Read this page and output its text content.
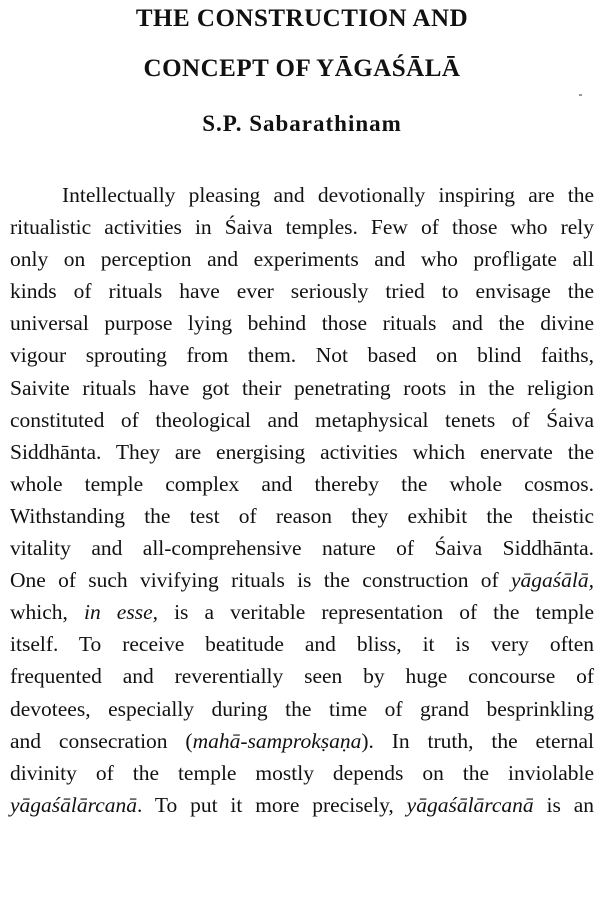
THE CONSTRUCTION AND
CONCEPT OF YĀGAŚĀLĀ
S.P. Sabarathinam
Intellectually pleasing and devotionally inspiring are the
ritualistic activities in Śaiva temples. Few of those who rely
only on perception and experiments and who profligate all
kinds of rituals have ever seriously tried to envisage the
universal purpose lying behind those rituals and the divine
vigour sprouting from them. Not based on blind faiths,
Saivite rituals have got their penetrating roots in the religion
constituted of theological and metaphysical tenets of Śaiva
Siddhānta. They are energising activities which enervate the
whole temple complex and thereby the whole cosmos.
Withstanding the test of reason they exhibit the theistic
vitality and all-comprehensive nature of Śaiva Siddhānta.
One of such vivifying rituals is the construction of yāgaśālā,
which, in esse, is a veritable representation of the temple
itself. To receive beatitude and bliss, it is very often
frequented and reverentially seen by huge concourse of
devotees, especially during the time of grand besprinkling
and consecration (mahā-samprokṣaṇa). In truth, the eternal
divinity of the temple mostly depends on the inviolable
yāgaśālārcanā. To put it more precisely, yāgaśālārcanā is an
